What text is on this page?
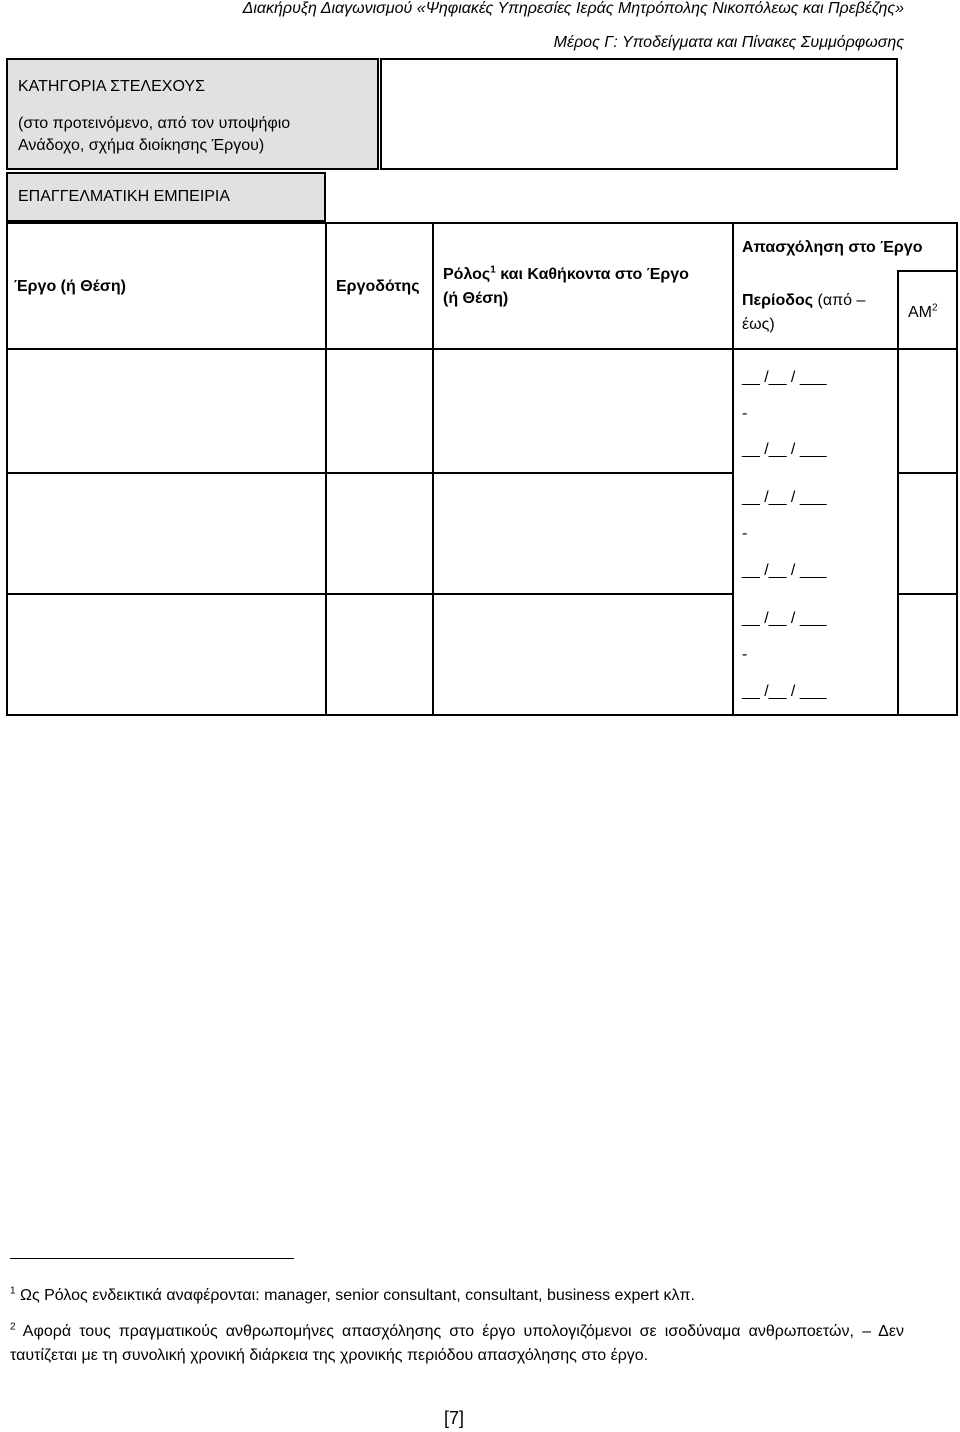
Διακήρυξη Διαγωνισμού «Ψηφιακές Υπηρεσίες Ιεράς Μητρόπολης Νικοπόλεως και Πρεβέζης»
Μέρος Γ: Υποδείγματα και Πίνακες Συμμόρφωσης
ΚΑΤΗΓΟΡΙΑ ΣΤΕΛΕΧΟΥΣ
(στο προτεινόμενο, από τον υποψήφιο
Ανάδοχο, σχήμα διοίκησης Έργου)
ΕΠΑΓΓΕΛΜΑΤΙΚΗ ΕΜΠΕΙΡΙΑ
Έργο (ή Θέση)	Εργοδότης
Ρόλος$^1$ και Καθήκοντα στο Έργο
(ή Θέση)
Απασχόληση στο Έργο
Περίοδος (από –
έως)
$AM^2$
__ /__ / ___
-
__ /__ / ___
__ /__ / ___
-
__ /__ / ___
__ /__ / ___
-
__ /__ / ___
$^1$ Ως Ρόλος ενδεικτικά αναφέρονται: manager, senior consultant, consultant, business expert κλπ.
$^2$ Αφορά τους πραγματικούς ανθρωπομήνες απασχόλησης στο έργο υπολογιζόμενοι σε ισοδύναμα ανθρωποετών, – Δεν ταυτίζεται με τη συνολική χρονική διάρκεια της χρονικής περιόδου απασχόλησης στο έργο.
[7]
